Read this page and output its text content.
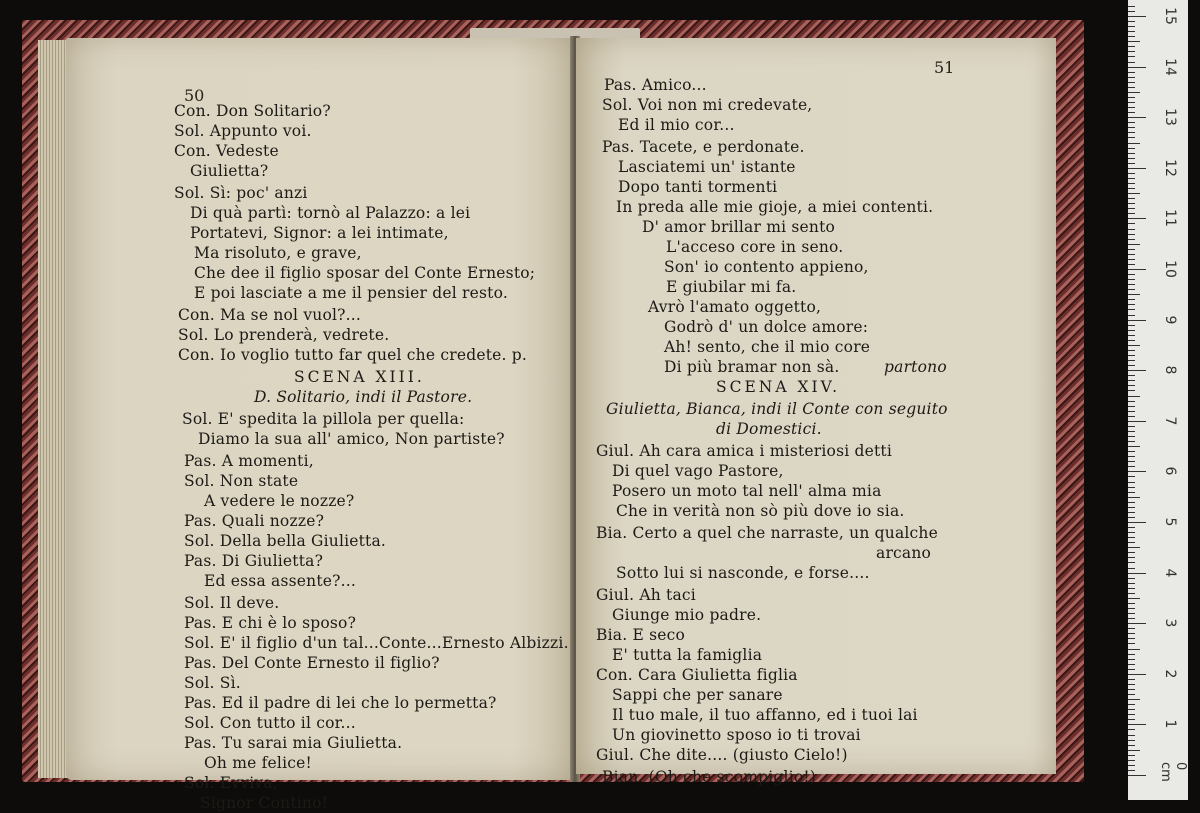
50
Con. Don Solitario?
Sol. Appunto voi.
Con. Vedeste
Giulietta?
Sol. Sì: poc' anzi
Di quà partì: tornò al Palazzo: a lei
Portatevi, Signor: a lei intimate,
Ma risoluto, e grave,
Che dee il figlio sposar del Conte Ernesto;
E poi lasciate a me il pensier del resto.
Con. Ma se nol vuol?...
Sol. Lo prenderà, vedrete.
Con. Io voglio tutto far quel che credete. p.
SCENA XIII.
D. Solitario, indi il Pastore.
Sol. E' spedita la pillola per quella:
Diamo la sua all' amico, Non partiste?
Pas. A momenti,
Sol. Non state
A vedere le nozze?
Pas. Quali nozze?
Sol. Della bella Giulietta.
Pas. Di Giulietta?
Ed essa assente?...
Sol. Il deve.
Pas. E chi è lo sposo?
Sol. E' il figlio d'un tal...Conte...Ernesto Albizzi.
Pas. Del Conte Ernesto il figlio?
Sol. Sì.
Pas. Ed il padre di lei che lo permetta?
Sol. Con tutto il cor...
Pas. Tu sarai mia Giulietta.
Oh me felice!
Sol. Evviva,
Signor Contino!
51
Pas. Amico...
Sol. Voi non mi credevate,
Ed il mio cor...
Pas. Tacete, e perdonate.
Lasciatemi un' istante
Dopo tanti tormenti
In preda alle mie gioje, a miei contenti.
D' amor brillar mi sento
L'acceso core in seno.
Son' io contento appieno,
E giubilar mi fa.
Avrò l'amato oggetto,
Godrò d' un dolce amore:
Ah! sento, che il mio core
Di più bramar non sà.	partono
SCENA XIV.
Giulietta, Bianca, indi il Conte con seguito
di Domestici.
Giul. Ah cara amica i misteriosi detti
Di quel vago Pastore,
Posero un moto tal nell' alma mia
Che in verità non sò più dove io sia.
Bia. Certo a quel che narraste, un qualche
arcano
Sotto lui si nasconde, e forse....
Giul. Ah taci
Giunge mio padre.
Bia. E seco
E' tutta la famiglia
Con. Cara Giulietta figlia
Sappi che per sanare
Il tuo male, il tuo affanno, ed i tuoi lai
Un giovinetto sposo io ti trovai
Giul. Che dite.... (giusto Cielo!)
Bian. (Oh che scompiglio!)
1
2
3
4
5
6
7
8
9
10
11
12
13
14
15
0 cm
